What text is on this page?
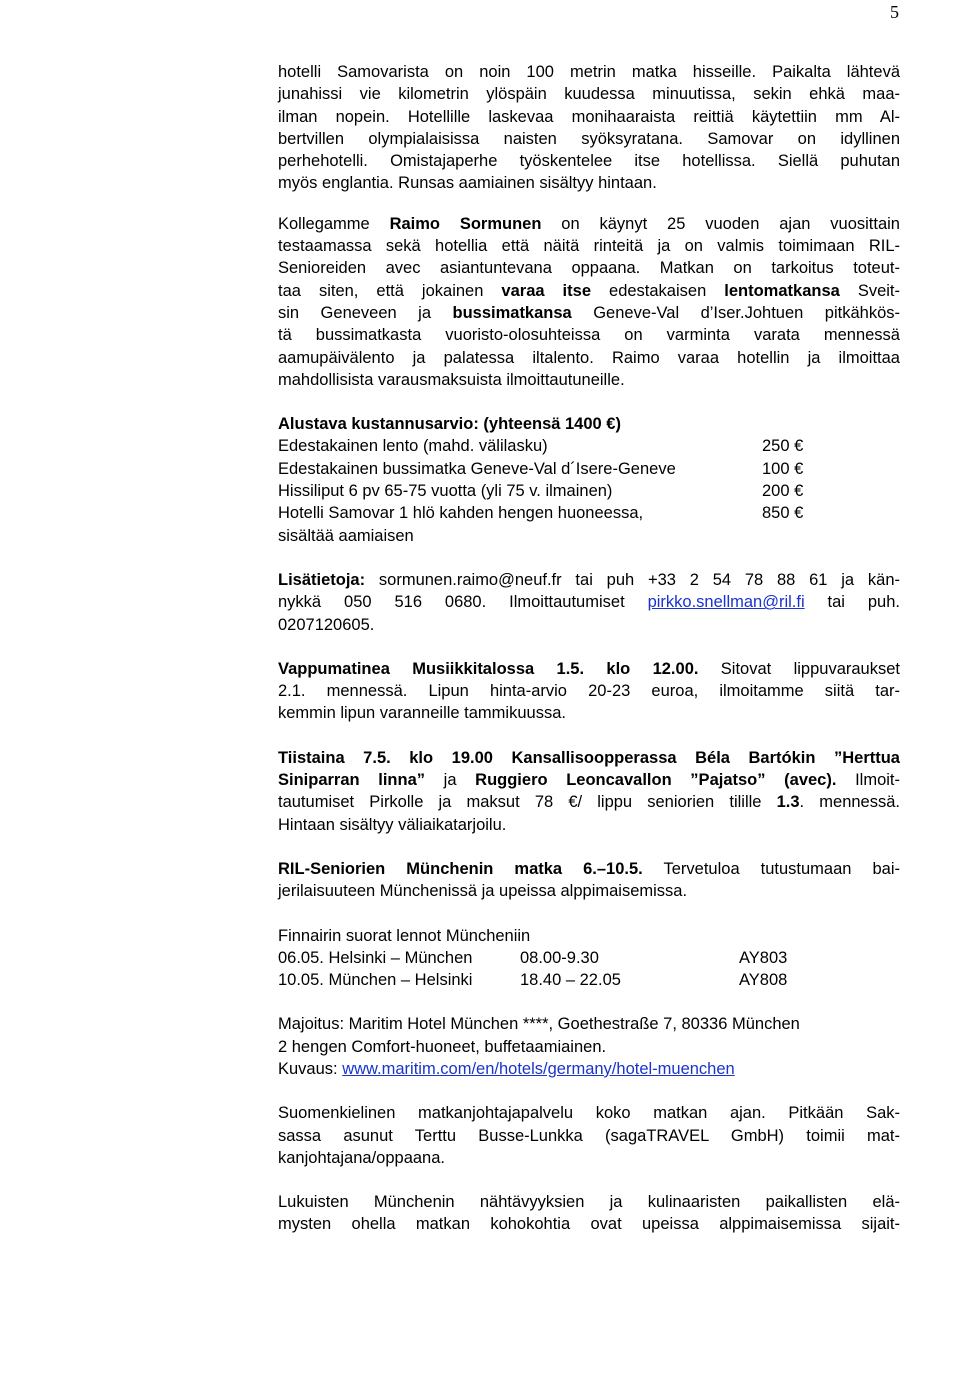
5

hotelli Samovarista on noin 100 metrin matka hisseille. Paikalta lähtevä
junahissi vie kilometrin ylöspäin kuudessa minuutissa, sekin ehkä maa-
ilman nopein. Hotellille laskevaa monihaaraista reittiä käytettiin mm Al-
bertvillen olympialaisissa naisten syöksyratana. Samovar on idyllinen
perhehotelli. Omistajaperhe työskentelee itse hotellissa. Siellä puhutan
myös englantia. Runsas aamiainen sisältyy hintaan.

Kollegamme Raimo Sormunen on käynyt 25 vuoden ajan vuosittain
testaamassa sekä hotellia että näitä rinteitä ja on valmis toimimaan RIL-
Senioreiden avec asiantuntevana oppaana. Matkan on tarkoitus toteut-
taa siten, että jokainen varaa itse edestakaisen lentomatkansa Sveit-
sin Geneveen ja bussimatkansa Geneve-Val d’Iser.Johtuen pitkähkös-
tä bussimatkasta vuoristo-olosuhteissa on varminta varata mennessä
aamupäivälento ja palatessa iltalento. Raimo varaa hotellin ja ilmoittaa
mahdollisista varausmaksuista ilmoittautuneille.

Alustava kustannusarvio: (yhteensä 1400 €)
Edestakainen lento (mahd. välilasku)	250 €
Edestakainen bussimatka Geneve-Val d´Isere-Geneve	100 €
Hissiliput 6 pv 65-75 vuotta (yli 75 v. ilmainen)	200 €
Hotelli Samovar 1 hlö kahden hengen huoneessa,	850 €
sisältää aamiaisen

Lisätietoja: sormunen.raimo@neuf.fr tai puh +33 2 54 78 88 61 ja kän-
nykkä 050 516 0680. Ilmoittautumiset pirkko.snellman@ril.fi tai puh.
0207120605.

Vappumatinea Musiikkitalossa 1.5. klo 12.00. Sitovat lippuvaraukset
2.1. mennessä. Lipun hinta-arvio 20-23 euroa, ilmoitamme siitä tar-
kemmin lipun varanneille tammikuussa.

Tiistaina 7.5. klo 19.00 Kansallisoopperassa Béla Bartókin ”Herttua
Siniparran linna” ja Ruggiero Leoncavallon ”Pajatso” (avec). Ilmoit-
tautumiset Pirkolle ja maksut 78 €/ lippu seniorien tilille 1.3. mennessä.
Hintaan sisältyy väliaikatarjoilu.

RIL-Seniorien Münchenin matka 6.–10.5. Tervetuloa tutustumaan bai-
jerilaisuuteen Münchenissä ja upeissa alppimaisemissa.

Finnairin suorat lennot Müncheniin
06.05. Helsinki – München	08.00-9.30	AY803
10.05. München – Helsinki	18.40 – 22.05	AY808

Majoitus: Maritim Hotel München ****, Goethestraße 7, 80336 München
2 hengen Comfort-huoneet, buffetaamiainen.
Kuvaus: www.maritim.com/en/hotels/germany/hotel-muenchen

Suomenkielinen matkanjohtajapalvelu koko matkan ajan. Pitkään Sak-
sassa asunut Terttu Busse-Lunkka (sagaTRAVEL GmbH) toimii mat-
kanjohtajana/oppaana.

Lukuisten Münchenin nähtävyyksien ja kulinaaristen paikallisten elä-
mysten ohella matkan kohokohtia ovat upeissa alppimaisemissa sijait-
